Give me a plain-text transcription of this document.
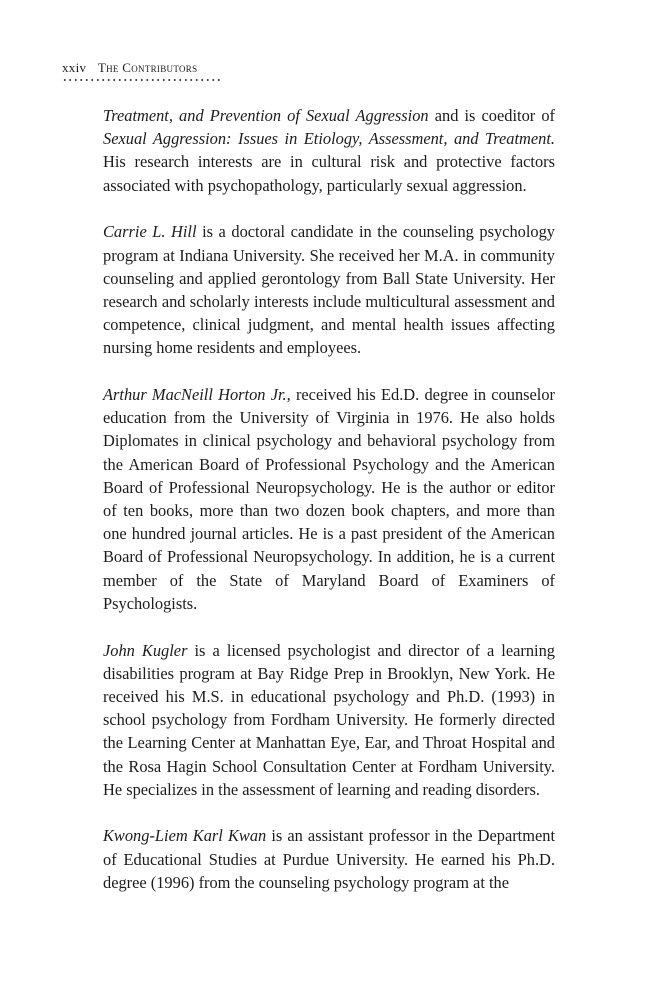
xxiv The Contributors

Treatment, and Prevention of Sexual Aggression and is coeditor of Sexual Aggression: Issues in Etiology, Assessment, and Treatment. His research interests are in cultural risk and protective factors associated with psychopathology, particularly sexual aggression.

Carrie L. Hill is a doctoral candidate in the counseling psychology program at Indiana University. She received her M.A. in community counseling and applied gerontology from Ball State University. Her research and scholarly interests include multicultural assessment and competence, clinical judgment, and mental health issues affecting nursing home residents and employees.

Arthur MacNeill Horton Jr., received his Ed.D. degree in counselor education from the University of Virginia in 1976. He also holds Diplomates in clinical psychology and behavioral psychology from the American Board of Professional Psychology and the American Board of Professional Neuropsychology. He is the author or editor of ten books, more than two dozen book chapters, and more than one hundred journal articles. He is a past president of the American Board of Professional Neuropsychology. In addition, he is a current member of the State of Maryland Board of Examiners of Psychologists.

John Kugler is a licensed psychologist and director of a learning disabilities program at Bay Ridge Prep in Brooklyn, New York. He received his M.S. in educational psychology and Ph.D. (1993) in school psychology from Fordham University. He formerly directed the Learning Center at Manhattan Eye, Ear, and Throat Hospital and the Rosa Hagin School Consultation Center at Fordham University. He specializes in the assessment of learning and reading disorders.

Kwong-Liem Karl Kwan is an assistant professor in the Department of Educational Studies at Purdue University. He earned his Ph.D. degree (1996) from the counseling psychology program at the
